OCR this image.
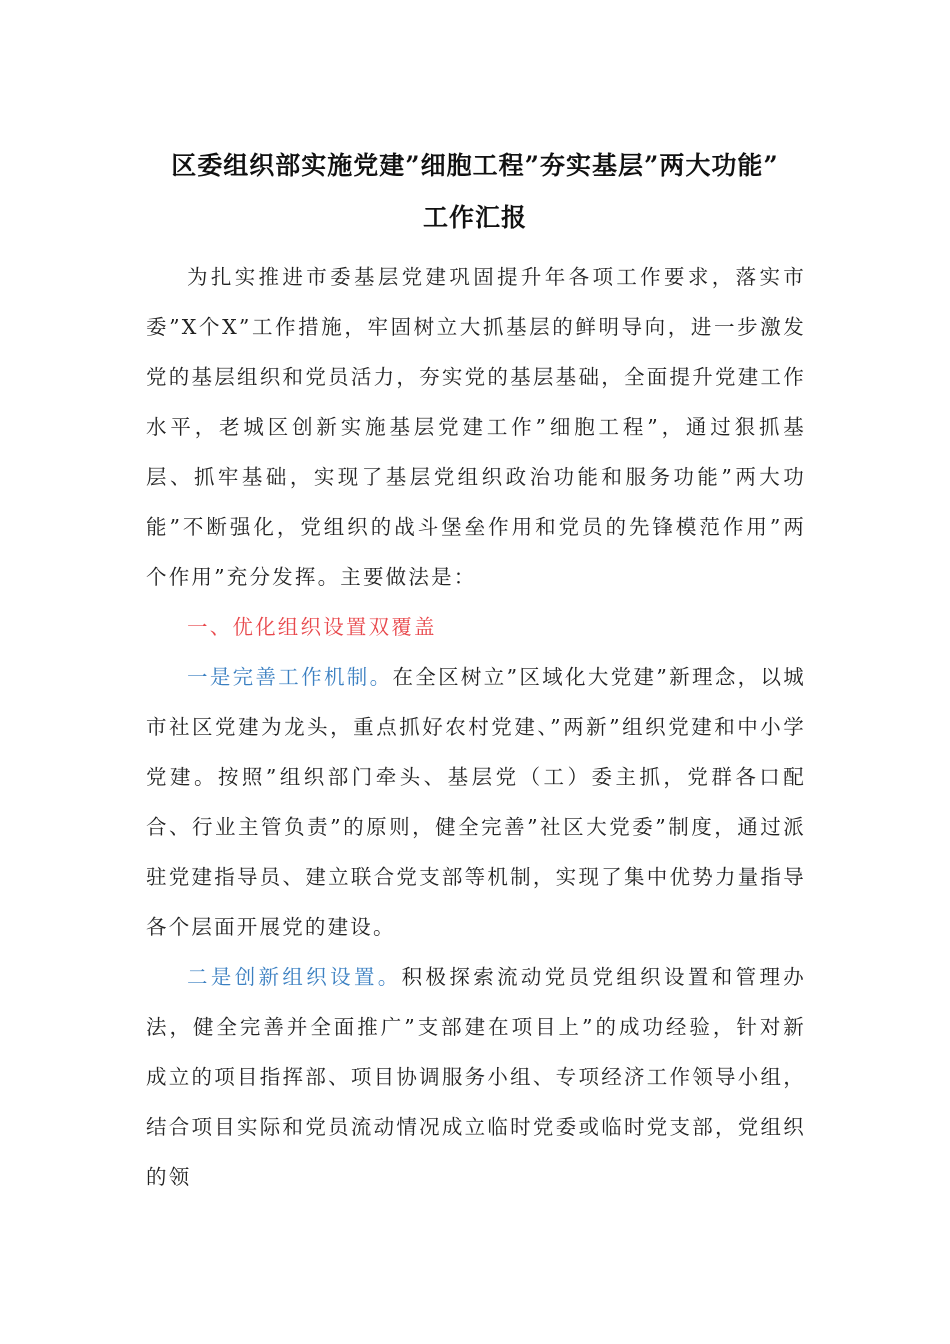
区委组织部实施党建”细胞工程”夯实基层”两大功能”
工作汇报

为扎实推进市委基层党建巩固提升年各项工作要求，落实市委”X个X”工作措施，牢固树立大抓基层的鲜明导向，进一步激发党的基层组织和党员活力，夯实党的基层基础，全面提升党建工作水平，老城区创新实施基层党建工作”细胞工程”，通过狠抓基层、抓牢基础，实现了基层党组织政治功能和服务功能”两大功能”不断强化，党组织的战斗堡垒作用和党员的先锋模范作用”两个作用”充分发挥。主要做法是：

一、优化组织设置双覆盖

一是完善工作机制。在全区树立”区域化大党建”新理念，以城市社区党建为龙头，重点抓好农村党建、”两新”组织党建和中小学党建。按照”组织部门牵头、基层党（工）委主抓，党群各口配合、行业主管负责”的原则，健全完善”社区大党委”制度，通过派驻党建指导员、建立联合党支部等机制，实现了集中优势力量指导各个层面开展党的建设。

二是创新组织设置。积极探索流动党员党组织设置和管理办法，健全完善并全面推广”支部建在项目上”的成功经验，针对新成立的项目指挥部、项目协调服务小组、专项经济工作领导小组，结合项目实际和党员流动情况成立临时党委或临时党支部，党组织的领
